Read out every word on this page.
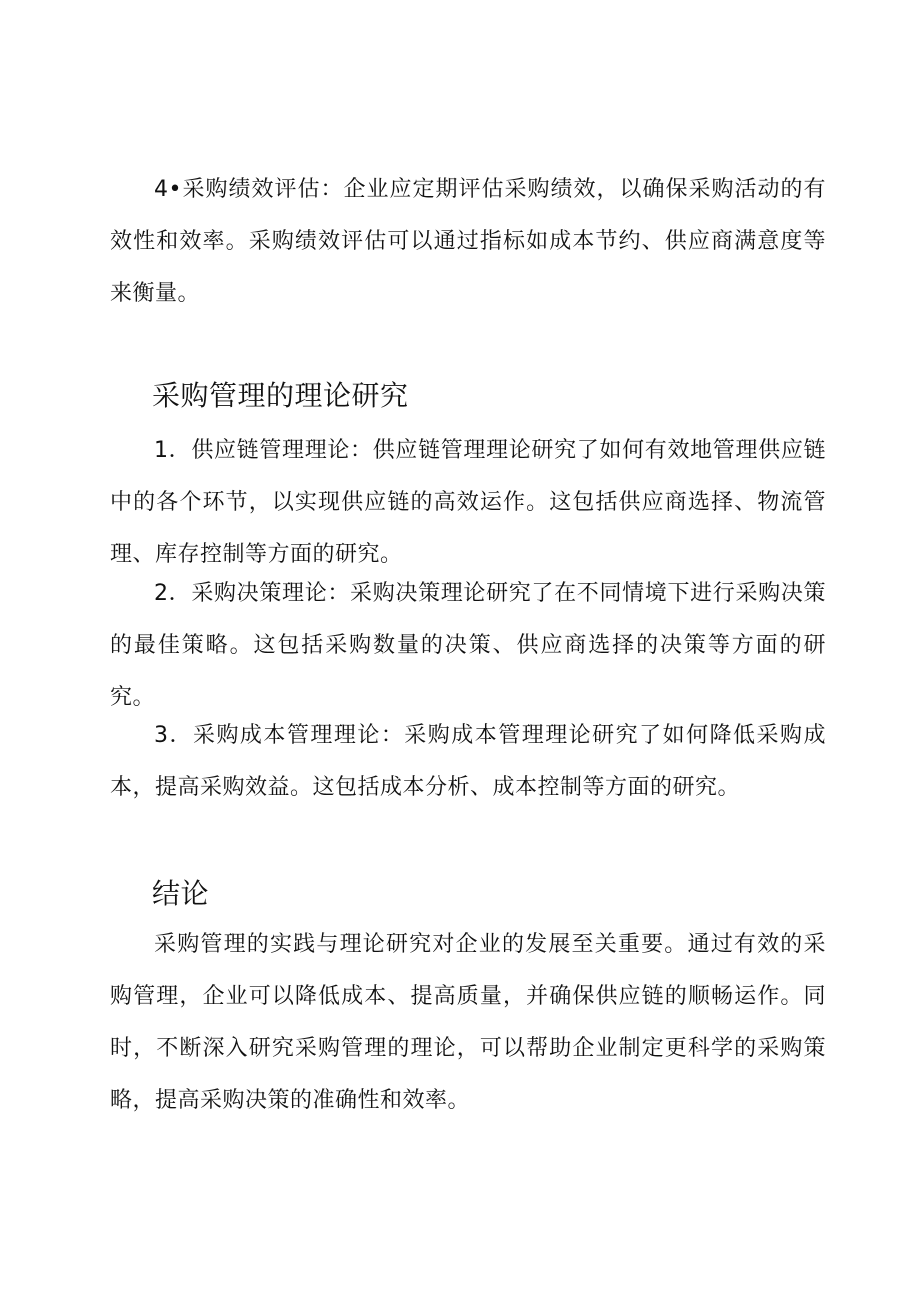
4•采购绩效评估：企业应定期评估采购绩效，以确保采购活动的有效性和效率。采购绩效评估可以通过指标如成本节约、供应商满意度等来衡量。

采购管理的理论研究

1．供应链管理理论：供应链管理理论研究了如何有效地管理供应链中的各个环节，以实现供应链的高效运作。这包括供应商选择、物流管理、库存控制等方面的研究。

2．采购决策理论：采购决策理论研究了在不同情境下进行采购决策的最佳策略。这包括采购数量的决策、供应商选择的决策等方面的研究。

3．采购成本管理理论：采购成本管理理论研究了如何降低采购成本，提高采购效益。这包括成本分析、成本控制等方面的研究。

结论

采购管理的实践与理论研究对企业的发展至关重要。通过有效的采购管理，企业可以降低成本、提高质量，并确保供应链的顺畅运作。同时，不断深入研究采购管理的理论，可以帮助企业制定更科学的采购策略，提高采购决策的准确性和效率。
